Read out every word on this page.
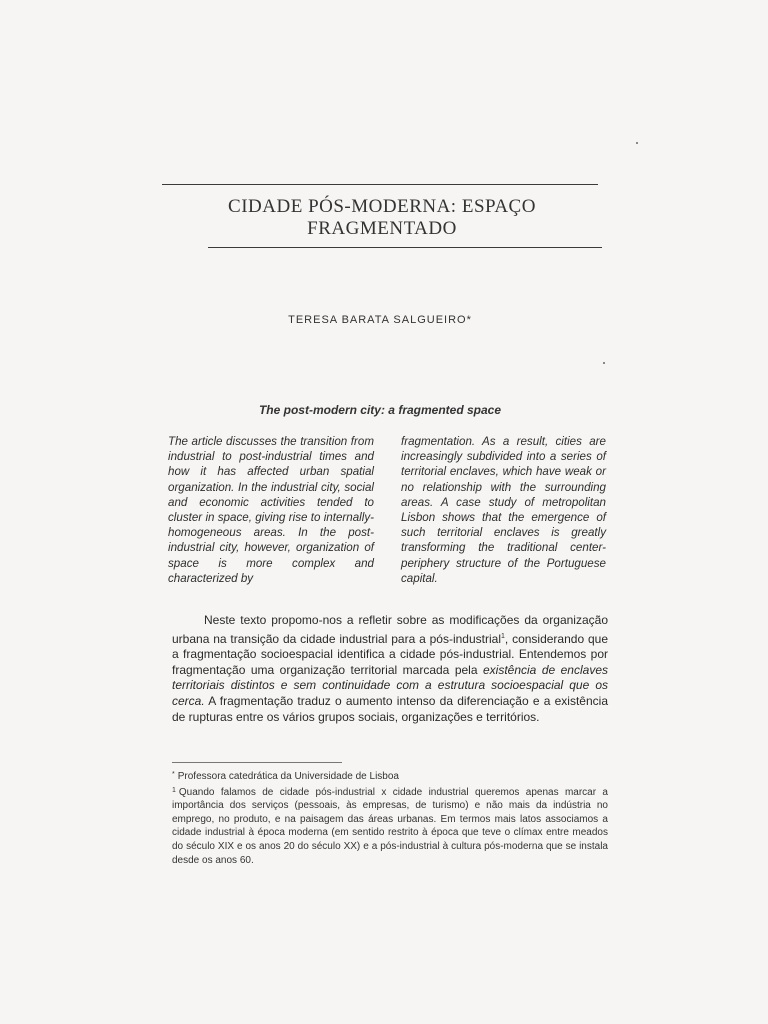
CIDADE PÓS-MODERNA: ESPAÇO
FRAGMENTADO
TERESA BARATA SALGUEIRO*
The post-modern city: a fragmented space
The article discusses the transition from industrial to post-industrial times and how it has affected urban spatial organization. In the industrial city, social and economic activities tended to cluster in space, giving rise to internally-homogeneous areas. In the post-industrial city, however, organization of space is more complex and characterized by
fragmentation. As a result, cities are increasingly subdivided into a series of territorial enclaves, which have weak or no relationship with the surrounding areas. A case study of metropolitan Lisbon shows that the emergence of such territorial enclaves is greatly transforming the traditional center-periphery structure of the Portuguese capital.
Neste texto propomo-nos a refletir sobre as modificações da organização urbana na transição da cidade industrial para a pós-industrial$^1$, considerando que a fragmentação socioespacial identifica a cidade pós-industrial. Entendemos por fragmentação uma organização territorial marcada pela existência de enclaves territoriais distintos e sem continuidade com a estrutura socioespacial que os cerca. A fragmentação traduz o aumento intenso da diferenciação e a existência de rupturas entre os vários grupos sociais, organizações e territórios.

* Professora catedrática da Universidade de Lisboa

$^1$ Quando falamos de cidade pós-industrial x cidade industrial queremos apenas marcar a importância dos serviços (pessoais, às empresas, de turismo) e não mais da indústria no emprego, no produto, e na paisagem das áreas urbanas. Em termos mais latos associamos a cidade industrial à época moderna (em sentido restrito à época que teve o clímax entre meados do século XIX e os anos 20 do século XX) e a pós-industrial à cultura pós-moderna que se instala desde os anos 60.
